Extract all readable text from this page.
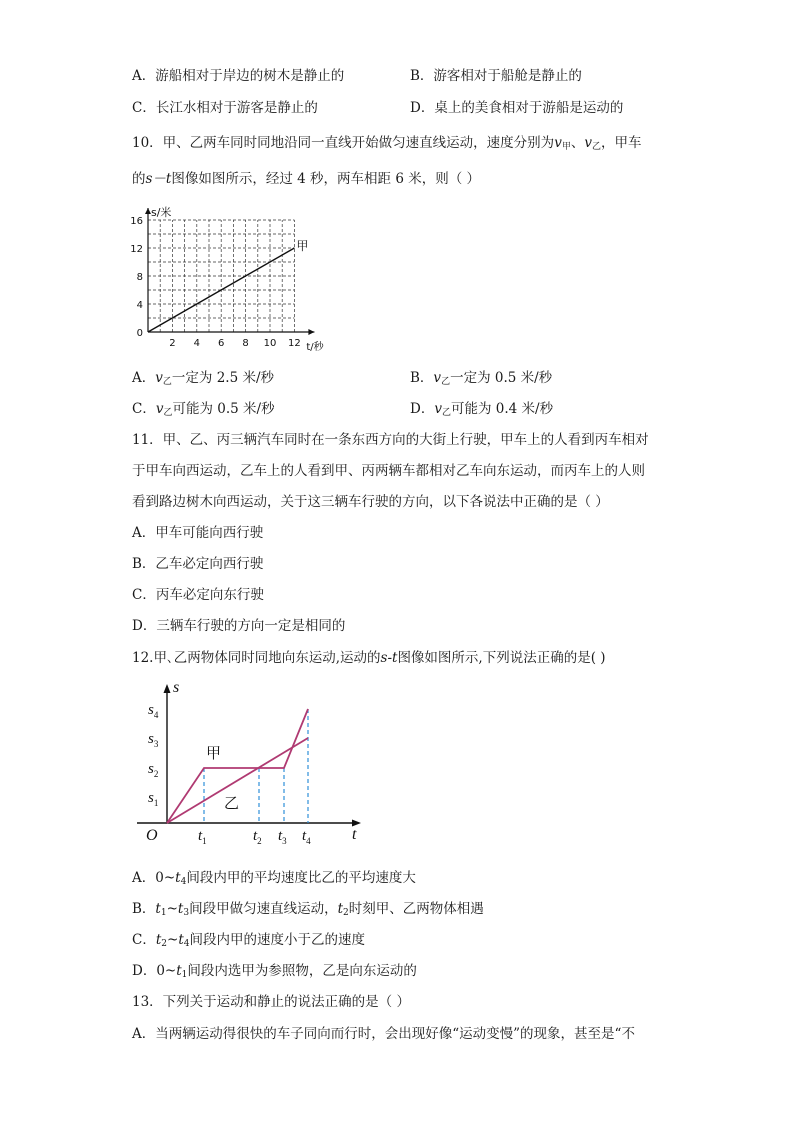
A．游船相对于岸边的树木是静止的	B．游客相对于船舱是静止的
C．长江水相对于游客是静止的	D．桌上的美食相对于游船是运动的
10．甲、乙两车同时同地沿同一直线开始做匀速直线运动，速度分别为$v_甲$、$v_乙$，甲车
的s－t图像如图所示，经过 4 秒，两车相距 6 米，则（ ）
2 4 6 8 10 12
0
4
8
12
16
s/米
t/秒
甲
A．$v_乙$一定为 2.5 米/秒	B．$v_乙$一定为 0.5 米/秒
C．$v_乙$可能为 0.5 米/秒	D．$v_乙$可能为 0.4 米/秒
11．甲、乙、丙三辆汽车同时在一条东西方向的大街上行驶，甲车上的人看到丙车相对
于甲车向西运动，乙车上的人看到甲、丙两辆车都相对乙车向东运动，而丙车上的人则
看到路边树木向西运动，关于这三辆车行驶的方向，以下各说法中正确的是（ ）
A．甲车可能向西行驶
B．乙车必定向西行驶
C．丙车必定向东行驶
D．三辆车行驶的方向一定是相同的
12.甲､乙两物体同时同地向东运动,运动的s-t图像如图所示,下列说法正确的是( )
甲
乙
$s_1$
$s_2$
$s_3$
$s_4$
$t_1$	$t_2$ $t_3$ $t_4$
O
s
t
A．$0\sim t_4$间段内甲的平均速度比乙的平均速度大
B．$t_1\sim t_3$间段甲做匀速直线运动，$t_2$时刻甲、乙两物体相遇
C．$t_2\sim t_4$间段内甲的速度小于乙的速度
D．$0\sim t_1$间段内选甲为参照物，乙是向东运动的
13．下列关于运动和静止的说法正确的是（ ）
A．当两辆运动得很快的车子同向而行时，会出现好像“运动变慢”的现象，甚至是“不
